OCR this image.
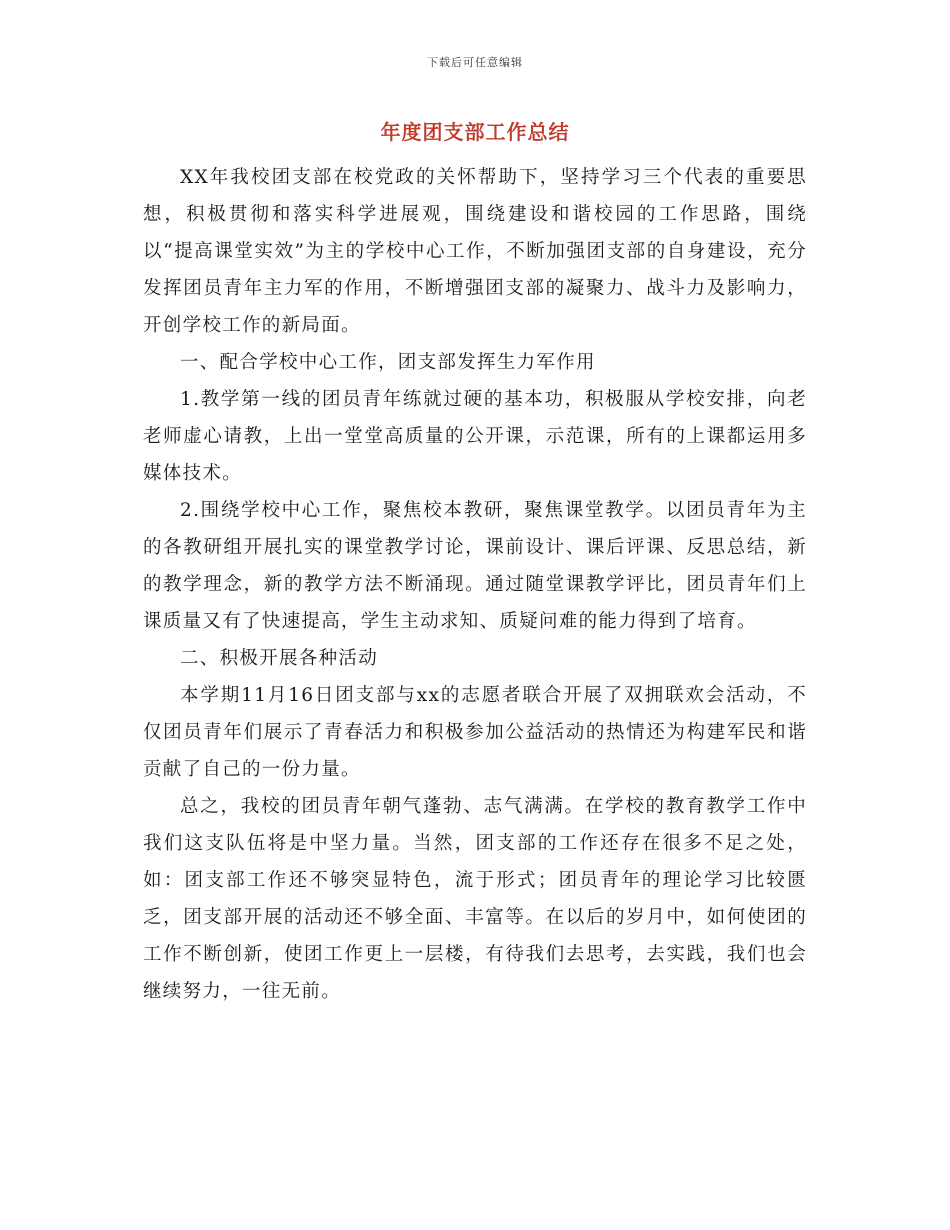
下载后可任意编辑
年度团支部工作总结

XX年我校团支部在校党政的关怀帮助下，坚持学习三个代表的重要思想，积极贯彻和落实科学进展观，围绕建设和谐校园的工作思路，围绕以“提高课堂实效”为主的学校中心工作，不断加强团支部的自身建设，充分发挥团员青年主力军的作用，不断增强团支部的凝聚力、战斗力及影响力，开创学校工作的新局面。

一、配合学校中心工作，团支部发挥生力军作用

1.教学第一线的团员青年练就过硬的基本功，积极服从学校安排，向老老师虚心请教，上出一堂堂高质量的公开课，示范课，所有的上课都运用多媒体技术。

2.围绕学校中心工作，聚焦校本教研，聚焦课堂教学。以团员青年为主的各教研组开展扎实的课堂教学讨论，课前设计、课后评课、反思总结，新的教学理念，新的教学方法不断涌现。通过随堂课教学评比，团员青年们上课质量又有了快速提高，学生主动求知、质疑问难的能力得到了培育。

二、积极开展各种活动

本学期11月16日团支部与xx的志愿者联合开展了双拥联欢会活动，不仅团员青年们展示了青春活力和积极参加公益活动的热情还为构建军民和谐贡献了自己的一份力量。

总之，我校的团员青年朝气蓬勃、志气满满。在学校的教育教学工作中我们这支队伍将是中坚力量。当然，团支部的工作还存在很多不足之处，如：团支部工作还不够突显特色，流于形式；团员青年的理论学习比较匮乏，团支部开展的活动还不够全面、丰富等。在以后的岁月中，如何使团的工作不断创新，使团工作更上一层楼，有待我们去思考，去实践，我们也会继续努力，一往无前。
